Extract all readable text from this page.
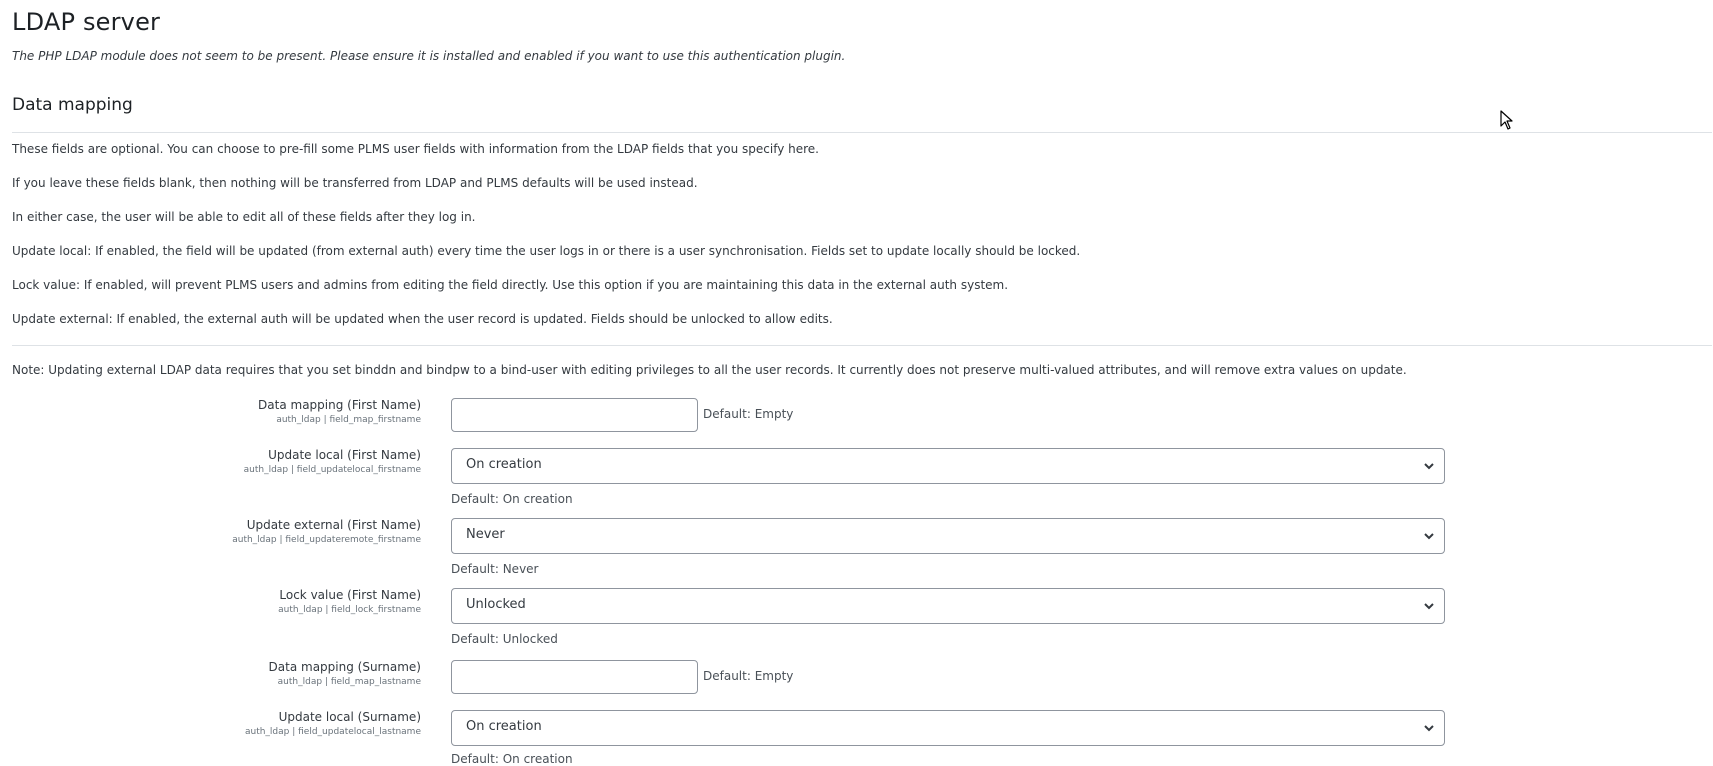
LDAP server
The PHP LDAP module does not seem to be present. Please ensure it is installed and enabled if you want to use this authentication plugin.
Data mapping
These fields are optional. You can choose to pre-fill some PLMS user fields with information from the LDAP fields that you specify here.
If you leave these fields blank, then nothing will be transferred from LDAP and PLMS defaults will be used instead.
In either case, the user will be able to edit all of these fields after they log in.
Update local: If enabled, the field will be updated (from external auth) every time the user logs in or there is a user synchronisation. Fields set to update locally should be locked.
Lock value: If enabled, will prevent PLMS users and admins from editing the field directly. Use this option if you are maintaining this data in the external auth system.
Update external: If enabled, the external auth will be updated when the user record is updated. Fields should be unlocked to allow edits.
Note: Updating external LDAP data requires that you set binddn and bindpw to a bind-user with editing privileges to all the user records. It currently does not preserve multi-valued attributes, and will remove extra values on update.
Data mapping (First Name)
auth_ldap | field_map_firstname	Default: Empty
Update local (First Name)
auth_ldap | field_updatelocal_firstname	On creation
Default: On creation
Update external (First Name)
auth_ldap | field_updateremote_firstname	Never
Default: Never
Lock value (First Name)
auth_ldap | field_lock_firstname	Unlocked
Default: Unlocked
Data mapping (Surname)
auth_ldap | field_map_lastname	Default: Empty
Update local (Surname)
auth_ldap | field_updatelocal_lastname	On creation
Default: On creation
